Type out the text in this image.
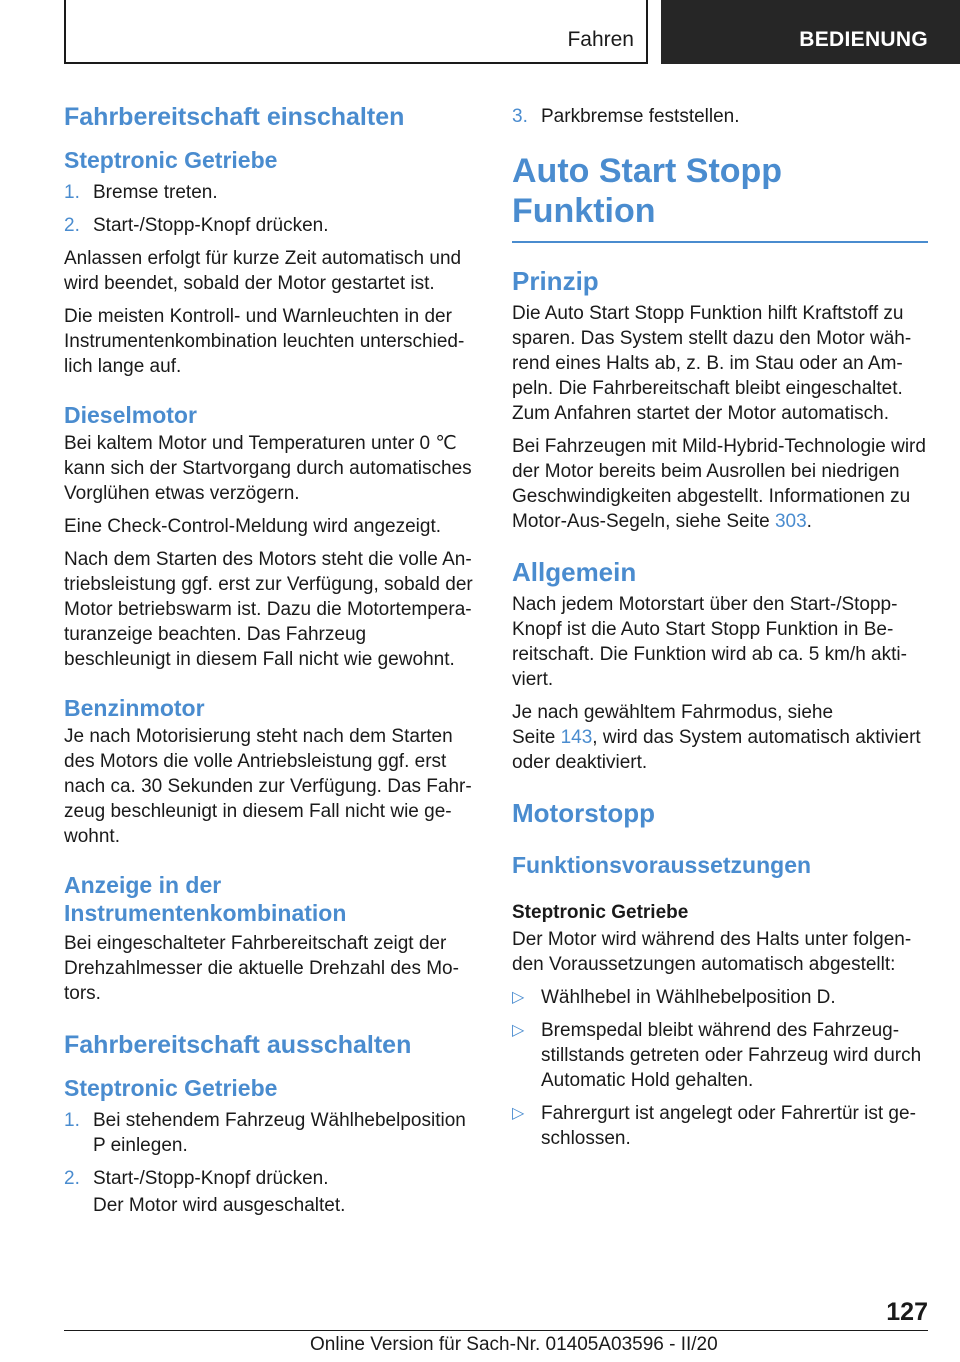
Fahren	BEDIENUNG
Fahrbereitschaft einschalten
Steptronic Getriebe
1. Bremse treten.
2. Start-/Stopp-Knopf drücken.

Anlassen erfolgt für kurze Zeit automatisch und wird beendet, sobald der Motor gestartet ist.

Die meisten Kontroll- und Warnleuchten in der Instrumentenkombination leuchten unterschiedlich lange auf.

Dieselmotor

Bei kaltem Motor und Temperaturen unter 0 ℃ kann sich der Startvorgang durch automatisches Vorglühen etwas verzögern.

Eine Check-Control-Meldung wird angezeigt.

Nach dem Starten des Motors steht die volle Antriebsleistung ggf. erst zur Verfügung, sobald der Motor betriebswarm ist. Dazu die Motortemperaturanzeige beachten. Das Fahrzeug beschleunigt in diesem Fall nicht wie gewohnt.

Benzinmotor

Je nach Motorisierung steht nach dem Starten des Motors die volle Antriebsleistung ggf. erst nach ca. 30 Sekunden zur Verfügung. Das Fahrzeug beschleunigt in diesem Fall nicht wie gewohnt.

Anzeige in der Instrumentenkombination

Bei eingeschalteter Fahrbereitschaft zeigt der Drehzahlmesser die aktuelle Drehzahl des Motors.

Fahrbereitschaft ausschalten
Steptronic Getriebe
1. Bei stehendem Fahrzeug Wählhebelposition P einlegen.
2. Start-/Stopp-Knopf drücken.
Der Motor wird ausgeschaltet.
3. Parkbremse feststellen.
Auto Start Stopp Funktion
Prinzip

Die Auto Start Stopp Funktion hilft Kraftstoff zu sparen. Das System stellt dazu den Motor während eines Halts ab, z. B. im Stau oder an Ampeln. Die Fahrbereitschaft bleibt eingeschaltet. Zum Anfahren startet der Motor automatisch.

Bei Fahrzeugen mit Mild-Hybrid-Technologie wird der Motor bereits beim Ausrollen bei niedrigen Geschwindigkeiten abgestellt. Informationen zu Motor-Aus-Segeln, siehe Seite 303.

Allgemein

Nach jedem Motorstart über den Start-/Stopp-Knopf ist die Auto Start Stopp Funktion in Bereitschaft. Die Funktion wird ab ca. 5 km/h aktiviert.

Je nach gewähltem Fahrmodus, siehe
Seite 143, wird das System automatisch aktiviert oder deaktiviert.

Motorstopp
Funktionsvoraussetzungen
Steptronic Getriebe

Der Motor wird während des Halts unter folgenden Voraussetzungen automatisch abgestellt:

▷ Wählhebel in Wählhebelposition D.
▷ Bremspedal bleibt während des Fahrzeugstillstands getreten oder Fahrzeug wird durch Automatic Hold gehalten.
▷ Fahrergurt ist angelegt oder Fahrertür ist geschlossen.
127
Online Version für Sach-Nr. 01405A03596 - II/20
